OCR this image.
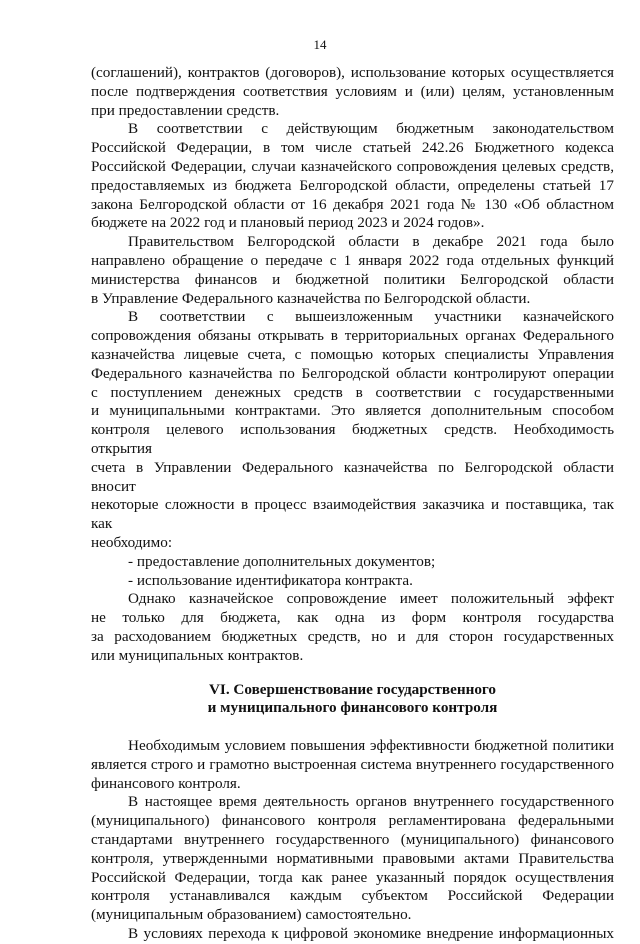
14
(соглашений), контрактов (договоров), использование которых осуществляется
после подтверждения соответствия условиям и (или) целям, установленным
при предоставлении средств.
В соответствии с действующим бюджетным законодательством
Российской Федерации, в том числе статьей 242.26 Бюджетного кодекса
Российской Федерации, случаи казначейского сопровождения целевых средств,
предоставляемых из бюджета Белгородской области, определены статьей 17
закона Белгородской области от 16 декабря 2021 года № 130 «Об областном
бюджете на 2022 год и плановый период 2023 и 2024 годов».
Правительством Белгородской области в декабре 2021 года было
направлено обращение о передаче с 1 января 2022 года отдельных функций
министерства финансов и бюджетной политики Белгородской области
в Управление Федерального казначейства по Белгородской области.
В соответствии с вышеизложенным участники казначейского
сопровождения обязаны открывать в территориальных органах Федерального
казначейства лицевые счета, с помощью которых специалисты Управления
Федерального казначейства по Белгородской области контролируют операции
с поступлением денежных средств в соответствии с государственными
и муниципальными контрактами. Это является дополнительным способом
контроля целевого использования бюджетных средств. Необходимость открытия
счета в Управлении Федерального казначейства по Белгородской области вносит
некоторые сложности в процесс взаимодействия заказчика и поставщика, так как
необходимо:
- предоставление дополнительных документов;
- использование идентификатора контракта.
Однако казначейское сопровождение имеет положительный эффект
не только для бюджета, как одна из форм контроля государства
за расходованием бюджетных средств, но и для сторон государственных
или муниципальных контрактов.
VI. Совершенствование государственного
и муниципального финансового контроля
Необходимым условием повышения эффективности бюджетной политики
является строго и грамотно выстроенная система внутреннего государственного
финансового контроля.
В настоящее время деятельность органов внутреннего государственного
(муниципального) финансового контроля регламентирована федеральными
стандартами внутреннего государственного (муниципального) финансового
контроля, утвержденными нормативными правовыми актами Правительства
Российской Федерации, тогда как ранее указанный порядок осуществления
контроля устанавливался каждым субъектом Российской Федерации
(муниципальным образованием) самостоятельно.
В условиях перехода к цифровой экономике внедрение информационных
